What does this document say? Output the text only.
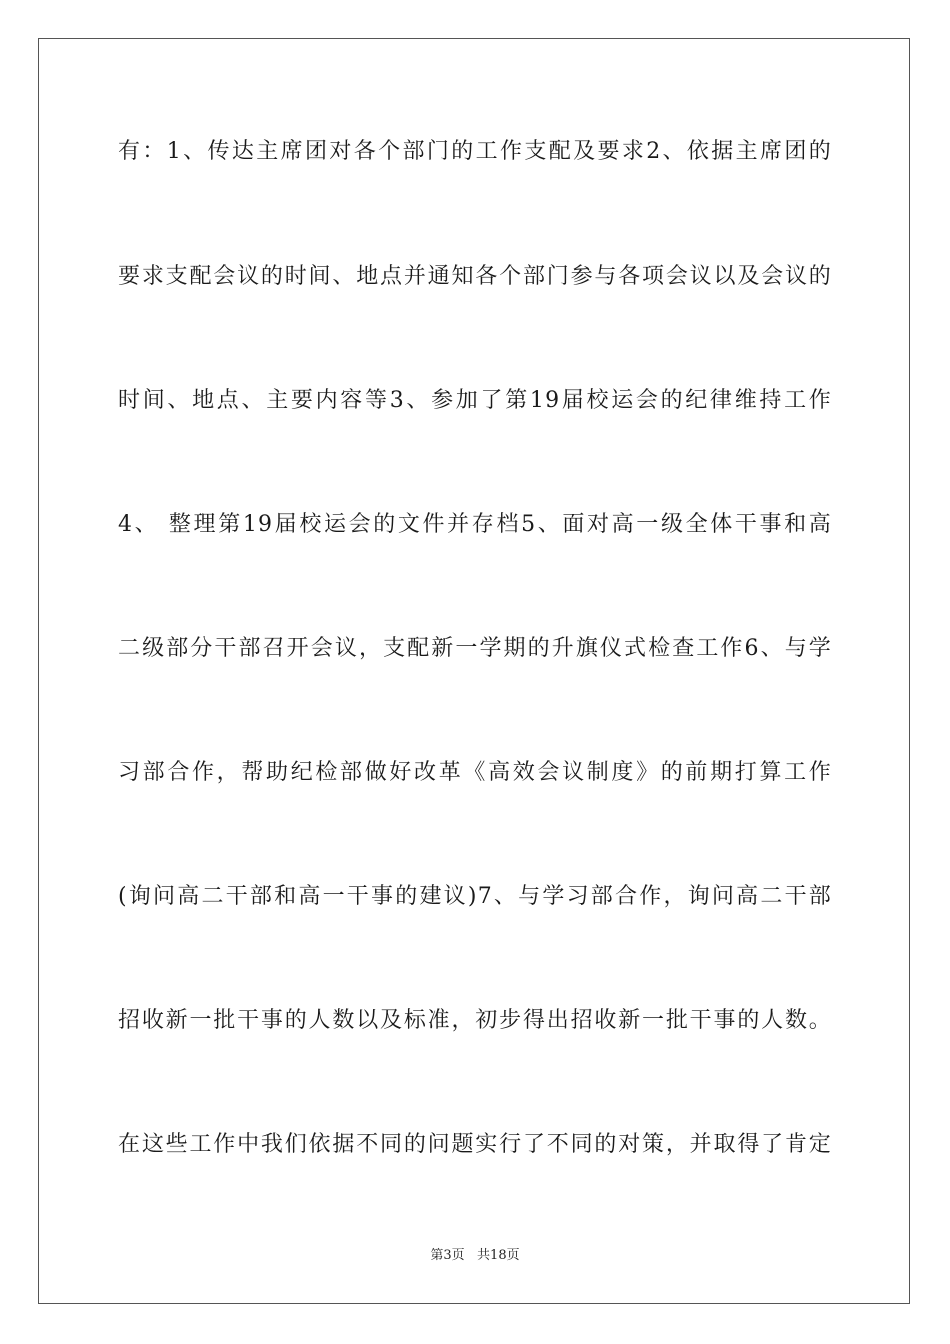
有：1、传达主席团对各个部门的工作支配及要求2、依据主席团的
要求支配会议的时间、地点并通知各个部门参与各项会议以及会议的
时间、地点、主要内容等3、参加了第19届校运会的纪律维持工作
4、 整理第19届校运会的文件并存档5、面对高一级全体干事和高
二级部分干部召开会议，支配新一学期的升旗仪式检查工作6、与学
习部合作，帮助纪检部做好改革《高效会议制度》的前期打算工作
(询问高二干部和高一干事的建议)7、与学习部合作，询问高二干部
招收新一批干事的人数以及标准，初步得出招收新一批干事的人数。
在这些工作中我们依据不同的问题实行了不同的对策，并取得了肯定
第3页   共18页
